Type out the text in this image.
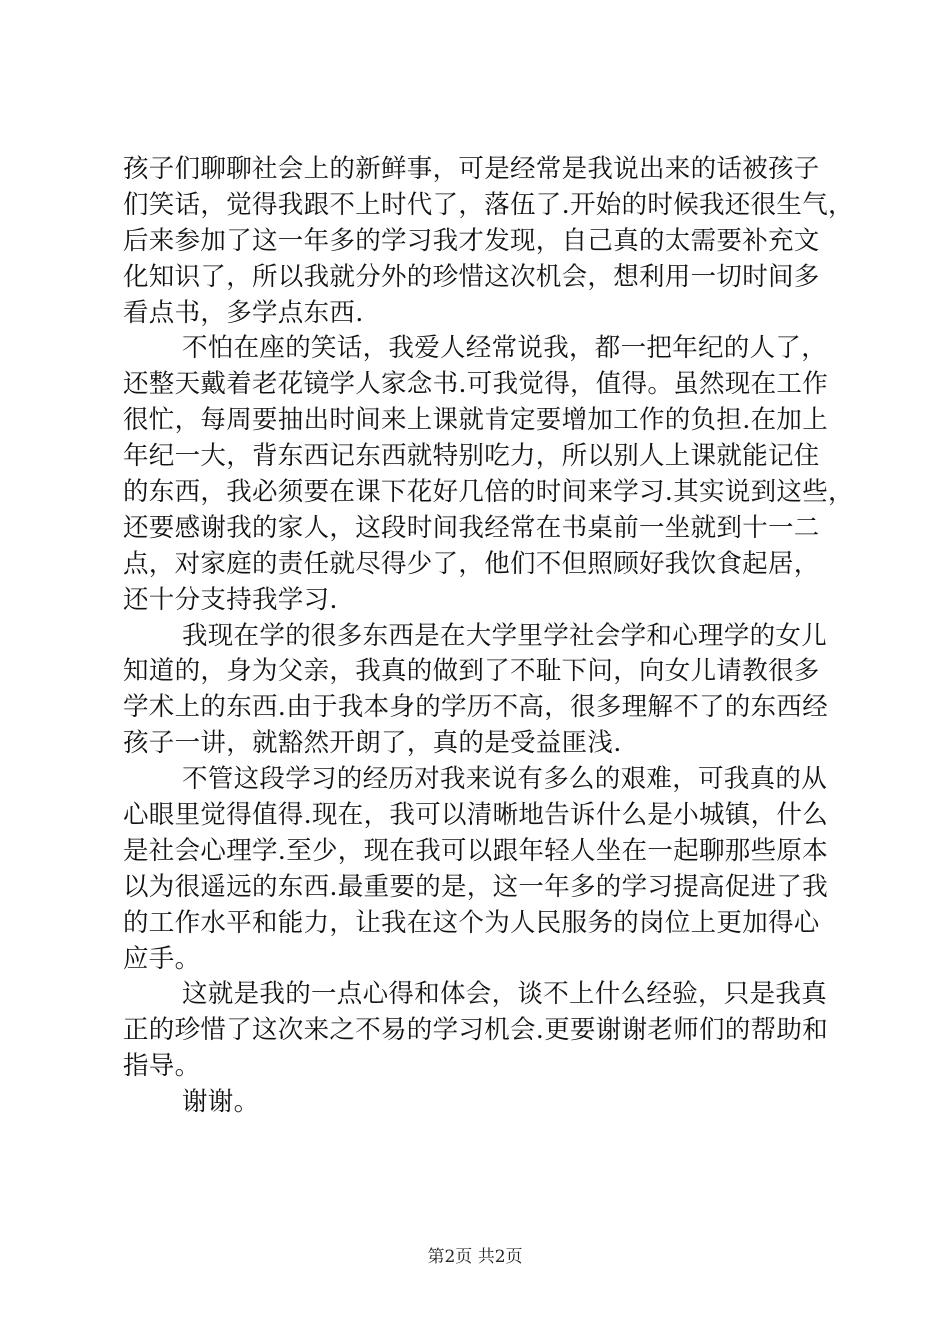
孩子们聊聊社会上的新鲜事，可是经常是我说出来的话被孩子
们笑话，觉得我跟不上时代了，落伍了.开始的时候我还很生气，
后来参加了这一年多的学习我才发现，自己真的太需要补充文
化知识了，所以我就分外的珍惜这次机会，想利用一切时间多
看点书，多学点东西.
不怕在座的笑话，我爱人经常说我，都一把年纪的人了，
还整天戴着老花镜学人家念书.可我觉得，值得。虽然现在工作
很忙，每周要抽出时间来上课就肯定要增加工作的负担.在加上
年纪一大，背东西记东西就特别吃力，所以别人上课就能记住
的东西，我必须要在课下花好几倍的时间来学习.其实说到这些，
还要感谢我的家人，这段时间我经常在书桌前一坐就到十一二
点，对家庭的责任就尽得少了，他们不但照顾好我饮食起居，
还十分支持我学习.
我现在学的很多东西是在大学里学社会学和心理学的女儿
知道的，身为父亲，我真的做到了不耻下问，向女儿请教很多
学术上的东西.由于我本身的学历不高，很多理解不了的东西经
孩子一讲，就豁然开朗了，真的是受益匪浅.
不管这段学习的经历对我来说有多么的艰难，可我真的从
心眼里觉得值得.现在，我可以清晰地告诉什么是小城镇，什么
是社会心理学.至少，现在我可以跟年轻人坐在一起聊那些原本
以为很遥远的东西.最重要的是，这一年多的学习提高促进了我
的工作水平和能力，让我在这个为人民服务的岗位上更加得心
应手。
这就是我的一点心得和体会，谈不上什么经验，只是我真
正的珍惜了这次来之不易的学习机会.更要谢谢老师们的帮助和
指导。
谢谢。
第2页 共2页
